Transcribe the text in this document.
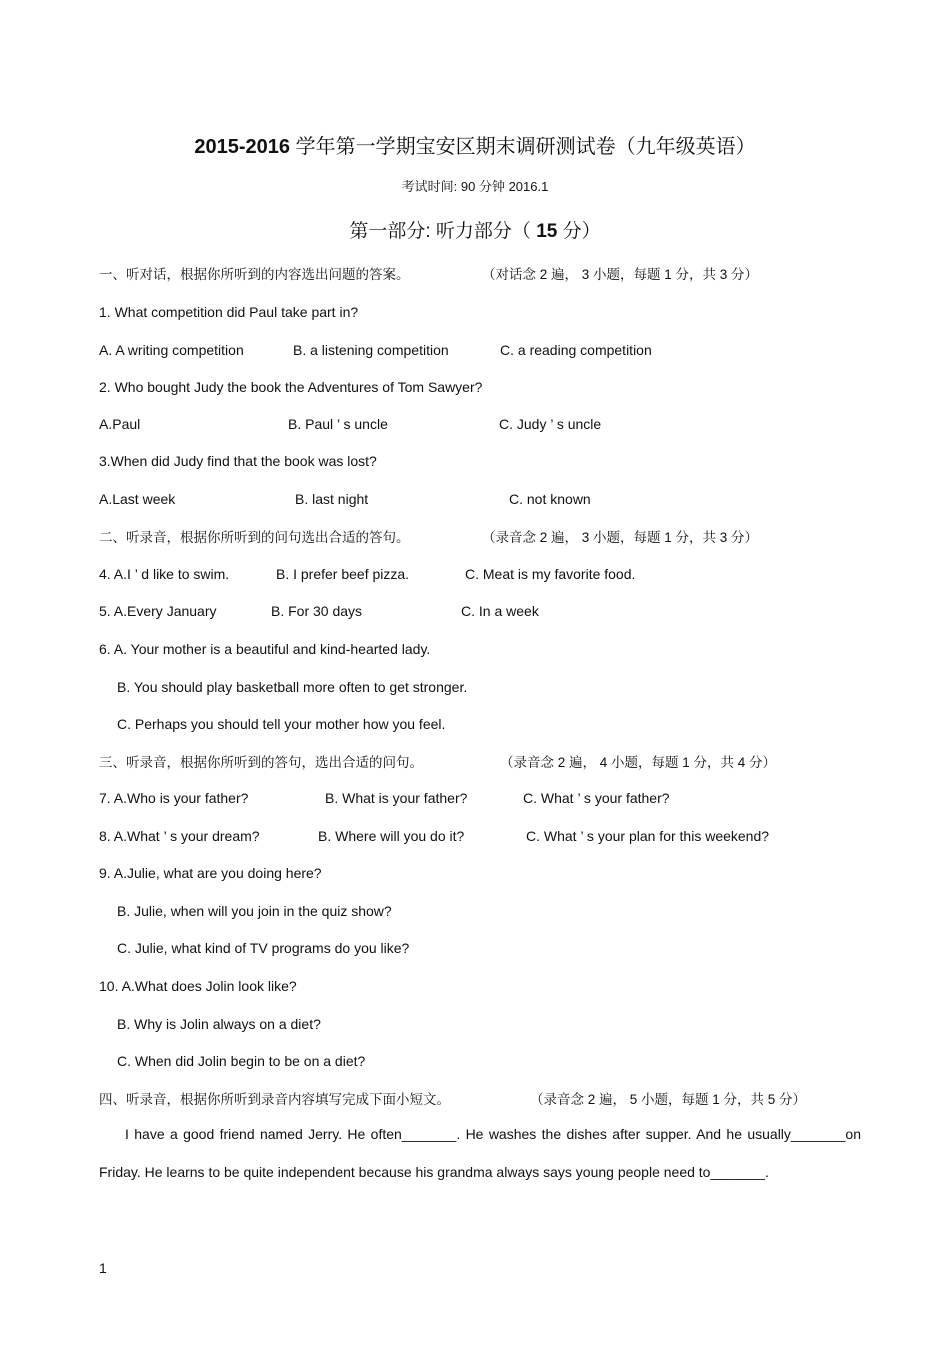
2015-2016 学年第一学期宝安区期末调研测试卷（九年级英语）
考试时间: 90 分钟 2016.1
第一部分: 听力部分（ 15 分）
一、听对话，根据你所听到的内容选出问题的答案。	（对话念 2 遍， 3 小题，每题 1 分，共 3 分）
1. What competition did Paul take part in?
A. A writing competition	B. a listening competition	C. a reading competition
2. Who bought Judy the book the Adventures of Tom Sawyer?
A.Paul	B. Paul ’ s uncle	C. Judy ’ s uncle
3.When did Judy find that the book was lost?
A.Last week	B. last night	C. not known
二、听录音，根据你所听到的问句选出合适的答句。	（录音念 2 遍， 3 小题，每题 1 分，共 3 分）
4. A.I ’ d like to swim.	B. I prefer beef pizza.	C. Meat is my favorite food.
5. A.Every January	B. For 30 days	C. In a week
6. A. Your mother is a beautiful and kind-hearted lady.
B. You should play basketball more often to get stronger.
C. Perhaps you should tell your mother how you feel.
三、听录音，根据你所听到的答句，选出合适的问句。	（录音念 2 遍， 4 小题，每题 1 分，共 4 分）
7. A.Who is your father?	B. What is your father?	C. What ’ s your father?
8. A.What ’ s your dream?	B. Where will you do it?	C. What ’ s your plan for this weekend?
9. A.Julie, what are you doing here?
B. Julie, when will you join in the quiz show?
C. Julie, what kind of TV programs do you like?
10. A.What does Jolin look like?
B. Why is Jolin always on a diet?
C. When did Jolin begin to be on a diet?
四、听录音，根据你所听到录音内容填写完成下面小短文。	（录音念 2 遍， 5 小题，每题 1 分，共 5 分）
I have a good friend named Jerry. He often_______. He washes the dishes after supper. And he usually_______on Friday. He learns to be quite independent because his grandma always says young people need to_______.
1
